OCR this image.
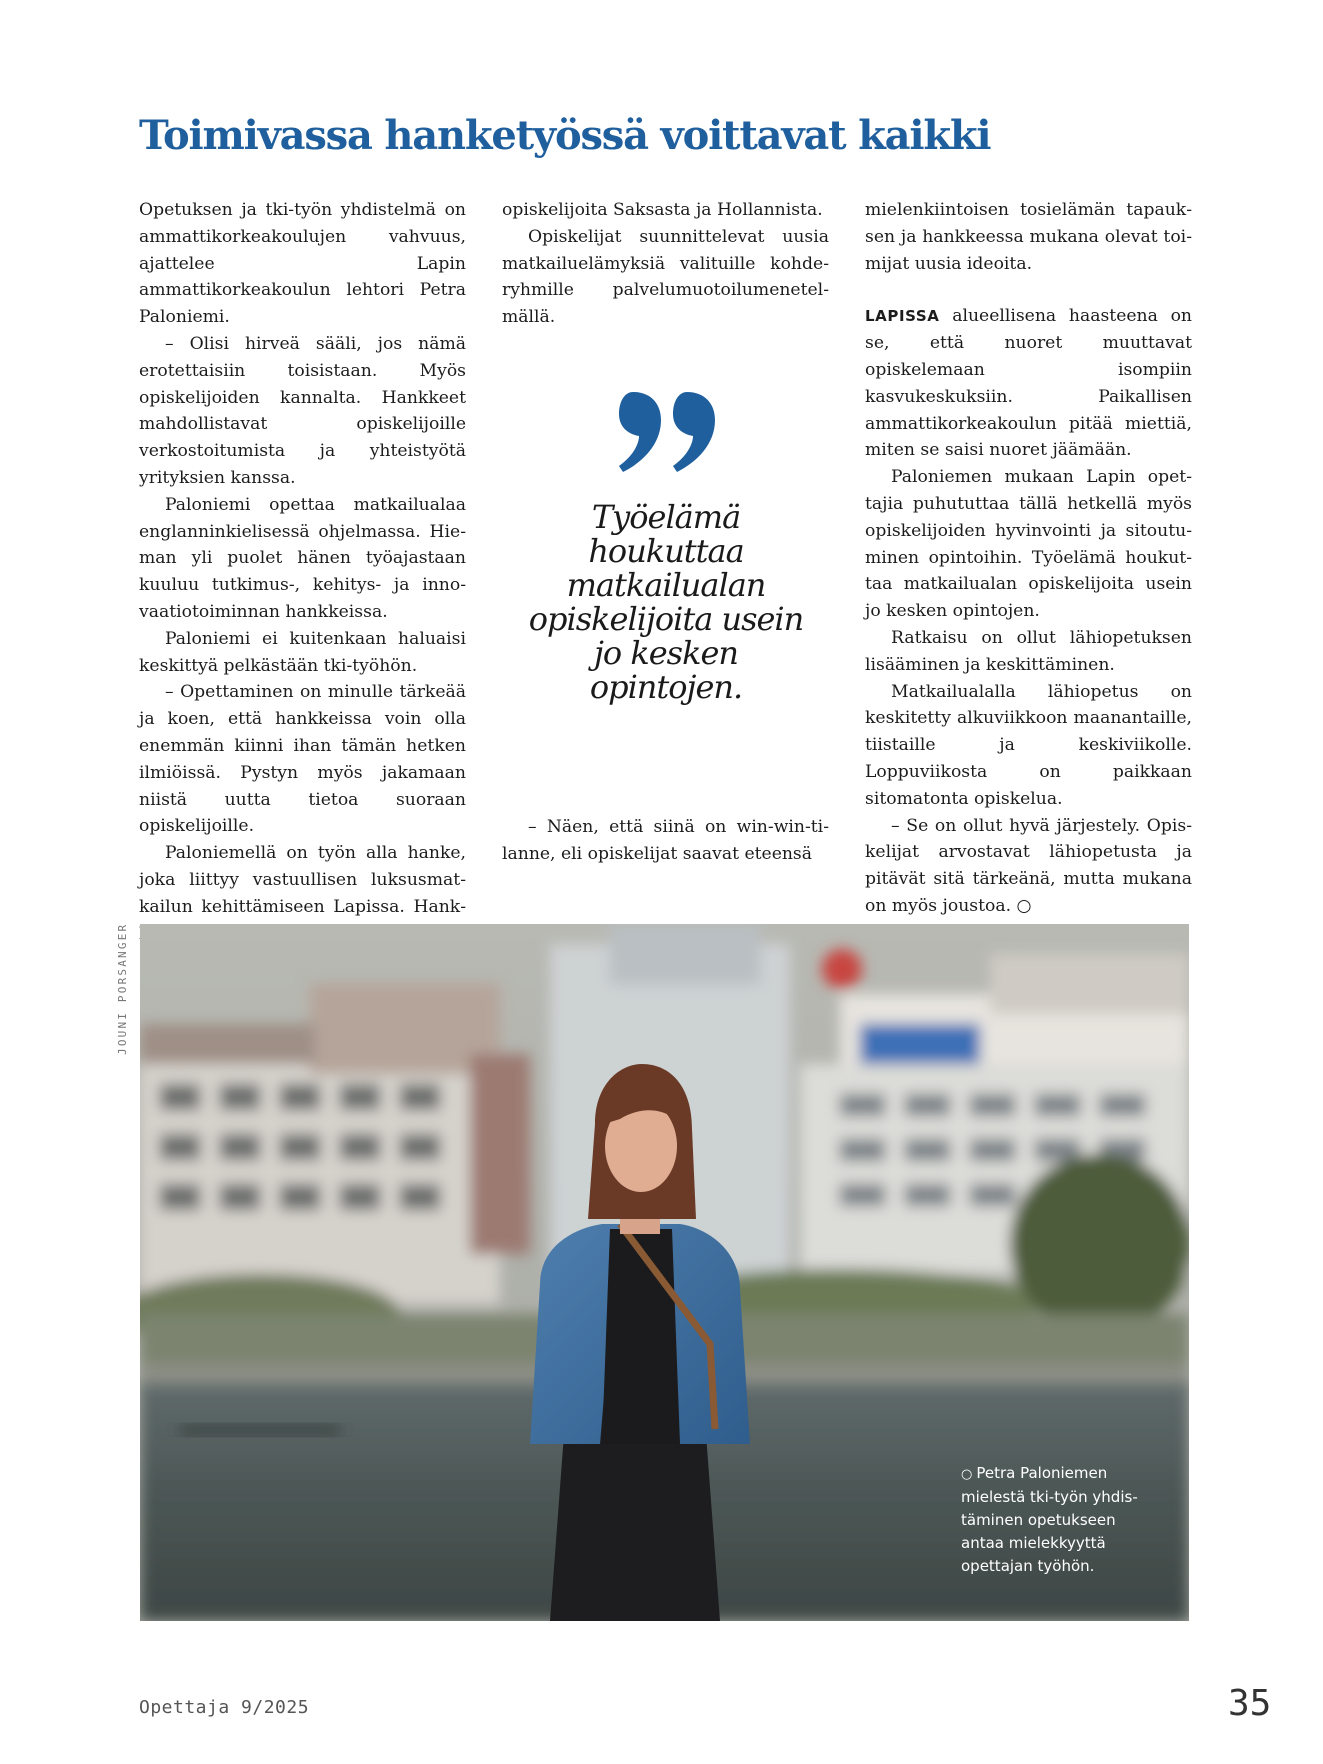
Toimivassa hanketyössä voittavat kaikki

Opetuksen ja tki-työn yhdistelmä on ammattikorkeakoulujen vahvuus, ajattelee Lapin ammattikorkeakoulun lehtori Petra Paloniemi.

– Olisi hirveä sääli, jos nämä erotettaisiin toisistaan. Myös opiskelijoiden kannalta. Hankkeet mahdollistavat opiskelijoille verkostoitumista ja yhteistyötä yrityksien kanssa.

Paloniemi opettaa matkailualaa englanninkielisessä ohjelmassa. Hieman yli puolet hänen työajastaan kuuluu tutkimus-, kehitys- ja innovaatiotoiminnan hankkeissa.

Paloniemi ei kuitenkaan haluaisi keskittyä pelkästään tki-työhön.

– Opettaminen on minulle tärkeää ja koen, että hankkeissa voin olla enemmän kiinni ihan tämän hetken ilmiöissä. Pystyn myös jakamaan niistä uutta tietoa suoraan opiskelijoille.

Paloniemellä on työn alla hanke, joka liittyy vastuullisen luksusmatkailun kehittämiseen Lapissa. Hank

opiskelijoita Saksasta ja Hollannista.

Opiskelijat suunnittelevat uusia matkailuelämyksiä valituille kohderyhmille palvelumuotoilumenetelmällä.

Työelämä houkuttaa matkailualan opiskelijoita usein jo kesken opintojen.

– Näen, että siinä on win-win-tilanne, eli opiskelijat saavat eteensä

mielenkiintoisen tosielämän tapauksen ja hankkeessa mukana olevat toimijat uusia ideoita.

LAPISSA alueellisena haasteena on se, että nuoret muuttavat opiskelemaan isompiin kasvukeskuksiin. Paikallisen ammattikorkeakoulun pitää miettiä, miten se saisi nuoret jäämään.

Paloniemen mukaan Lapin opettajia puhututtaa tällä hetkellä myös opiskelijoiden hyvinvointi ja sitoutuminen opintoihin. Työelämä houkuttaa matkailualan opiskelijoita usein jo kesken opintojen.

Ratkaisu on ollut lähiopetuksen lisääminen ja keskittäminen.

Matkailualalla lähiopetus on keskitetty alkuviikkoon maanantaille, tiistaille ja keskiviikolle. Loppuviikosta on paikkaan sitomatonta opiskelua.

– Se on ollut hyvä järjestely. Opiskelijat arvostavat lähiopetusta ja pitävät sitä tärkeänä, mutta mukana on myös joustoa. ○

JOUNI PORSANGER
○ Petra Paloniemen mielestä tki-työn yhdistäminen opetukseen antaa mielekkyyttä opettajan työhön.
Opettaja 9/2025	35
